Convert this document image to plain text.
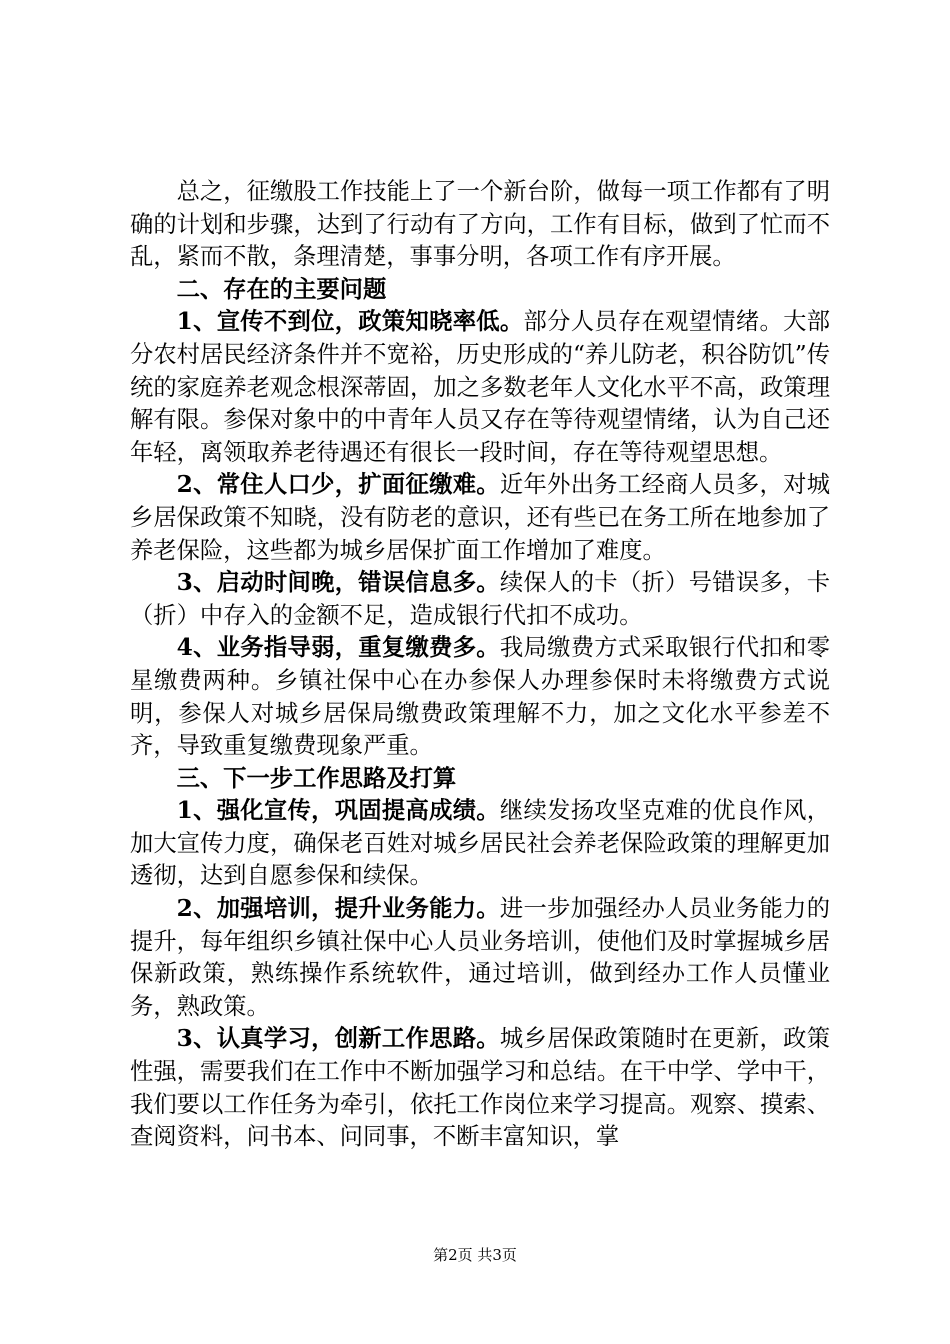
总之，征缴股工作技能上了一个新台阶，做每一项工作都有了明确的计划和步骤，达到了行动有了方向，工作有目标，做到了忙而不乱，紧而不散，条理清楚，事事分明，各项工作有序开展。

二、存在的主要问题

1、宣传不到位，政策知晓率低。部分人员存在观望情绪。大部分农村居民经济条件并不宽裕，历史形成的“养儿防老，积谷防饥”传统的家庭养老观念根深蒂固，加之多数老年人文化水平不高，政策理解有限。参保对象中的中青年人员又存在等待观望情绪，认为自己还年轻，离领取养老待遇还有很长一段时间，存在等待观望思想。

2、常住人口少，扩面征缴难。近年外出务工经商人员多，对城乡居保政策不知晓，没有防老的意识，还有些已在务工所在地参加了养老保险，这些都为城乡居保扩面工作增加了难度。

3、启动时间晚，错误信息多。续保人的卡（折）号错误多，卡（折）中存入的金额不足，造成银行代扣不成功。

4、业务指导弱，重复缴费多。我局缴费方式采取银行代扣和零星缴费两种。乡镇社保中心在办参保人办理参保时未将缴费方式说明，参保人对城乡居保局缴费政策理解不力，加之文化水平参差不齐，导致重复缴费现象严重。

三、下一步工作思路及打算

1、强化宣传，巩固提高成绩。继续发扬攻坚克难的优良作风，加大宣传力度，确保老百姓对城乡居民社会养老保险政策的理解更加透彻，达到自愿参保和续保。

2、加强培训，提升业务能力。进一步加强经办人员业务能力的提升，每年组织乡镇社保中心人员业务培训，使他们及时掌握城乡居保新政策，熟练操作系统软件，通过培训，做到经办工作人员懂业务，熟政策。

3、认真学习，创新工作思路。城乡居保政策随时在更新，政策性强，需要我们在工作中不断加强学习和总结。在干中学、学中干，我们要以工作任务为牵引，依托工作岗位来学习提高。观察、摸索、查阅资料，问书本、问同事，不断丰富知识，掌

第2页 共3页
